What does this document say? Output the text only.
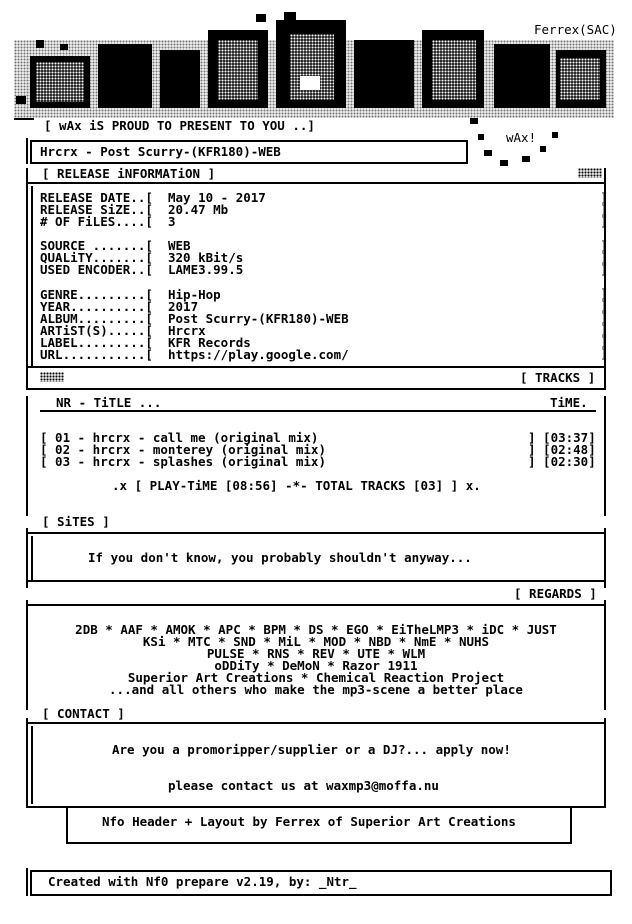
Ferrex(SAC)
[ wAx iS PROUD TO PRESENT TO YOU ..]
wAx!
Hrcrx - Post Scurry-(KFR180)-WEB
[ RELEASE iNFORMATiON ]
RELEASE DATE..[ May 10 - 2017
RELEASE SiZE..[ 20.47 Mb
# OF FiLES....[ 3
SOURCE .......[ WEB
QUALiTY.......[ 320 kBit/s
USED ENCODER..[ LAME3.99.5
GENRE.........[ Hip-Hop
YEAR..........[ 2017
ALBUM.........[ Post Scurry-(KFR180)-WEB
ARTiST(S).....[ Hrcrx
LABEL.........[ KFR Records
URL...........[ https://play.google.com/
]
]
]

]
]
]

]
]
]
]
]
]
[ TRACKS ]
NR - TiTLE ...	TiME.
[ 01 - hrcrx - call me (original mix)	] [03:37]
[ 02 - hrcrx - monterey (original mix)	] [02:48]
[ 03 - hrcrx - splashes (original mix)	] [02:30]
.x [ PLAY-TiME [08:56] -*- TOTAL TRACKS [03] ] x.
[ SiTES ]
If you don't know, you probably shouldn't anyway...
[ REGARDS ]
2DB * AAF * AMOK * APC * BPM * DS * EGO * EiTheLMP3 * iDC * JUST
KSi * MTC * SND * MiL * MOD * NBD * NmE * NUHS
PULSE * RNS * REV * UTE * WLM
oDDiTy * DeMoN * Razor 1911
Superior Art Creations * Chemical Reaction Project
...and all others who make the mp3-scene a better place
[ CONTACT ]
Are you a promoripper/supplier or a DJ?... apply now!
please contact us at waxmp3@moffa.nu
Nfo Header + Layout by Ferrex of Superior Art Creations
Created with Nf0 prepare v2.19, by: _Ntr_
